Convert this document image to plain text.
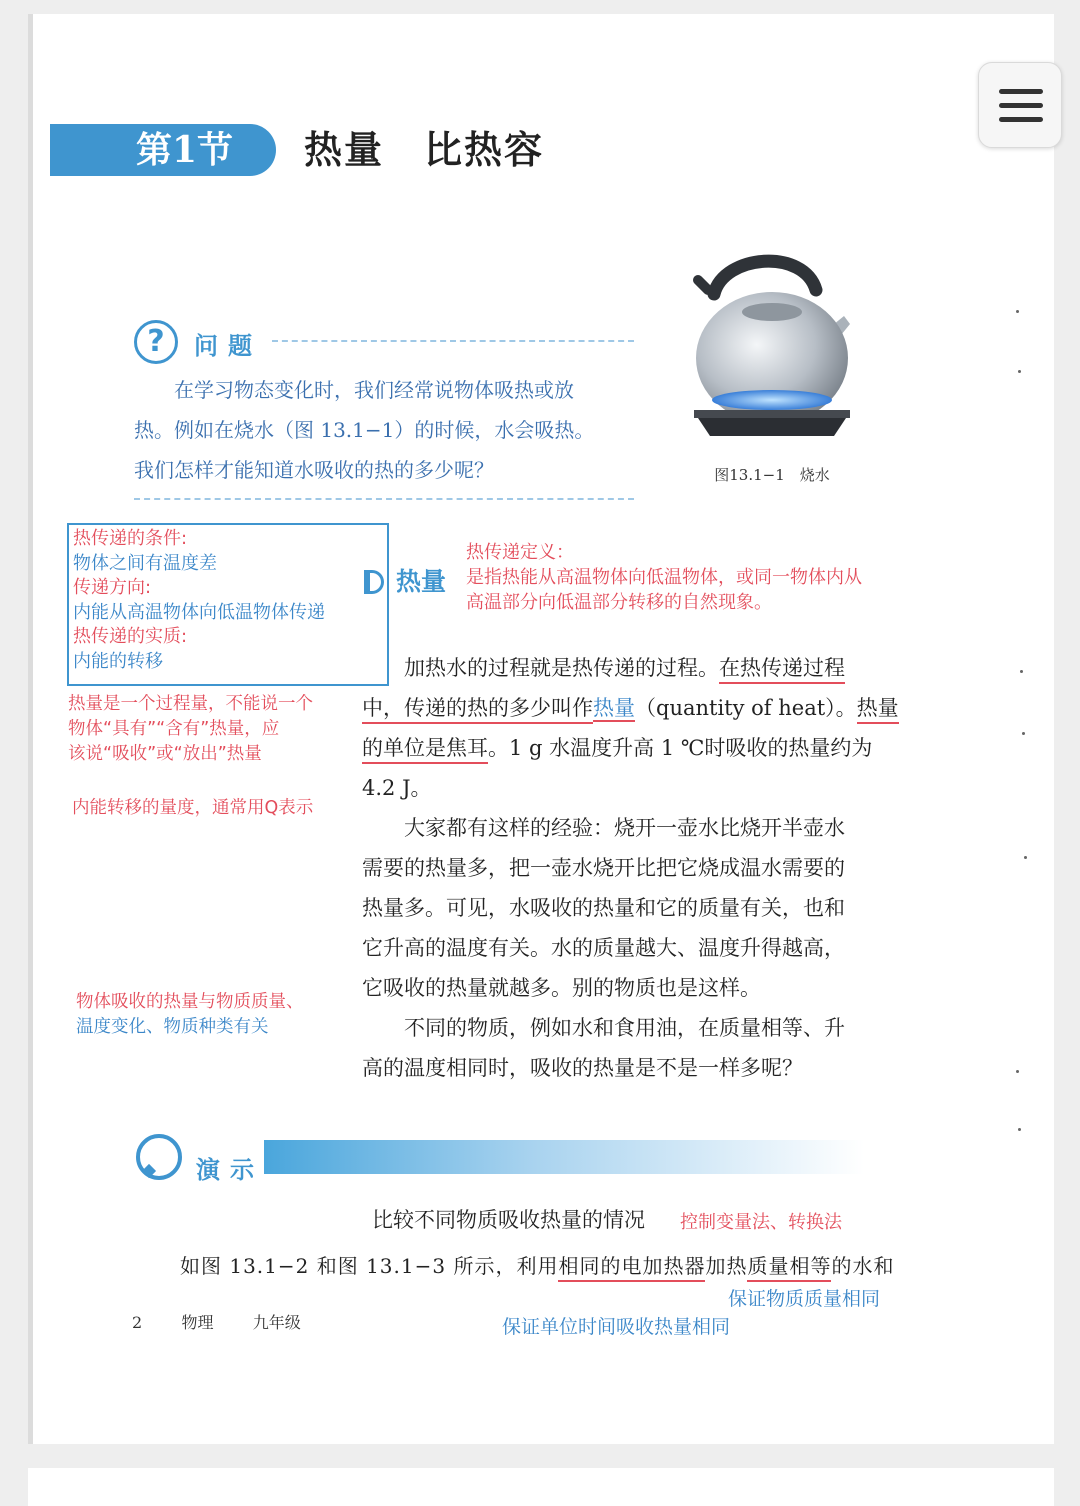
第1节	热量　比热容
?	问题
在学习物态变化时，我们经常说物体吸热或放
热。例如在烧水（图 13.1−1）的时候，水会吸热。
我们怎样才能知道水吸收的热的多少呢？	图13.1−1　烧水
热传递的条件:
物体之间有温度差
传递方向:
内能从高温物体向低温物体传递
热传递的实质:
内能的转移
热量
热传递定义：
是指热能从高温物体向低温物体，或同一物体内从
高温部分向低温部分转移的自然现象。
热量是一个过程量，不能说一个
物体“具有”“含有”热量，应
该说“吸收”或“放出”热量
内能转移的量度，通常用Q表示
物体吸收的热量与物质质量、
温度变化、物质种类有关
加热水的过程就是热传递的过程。在热传递过程
中，传递的热的多少叫作热量（quantity of heat）。热量
的单位是焦耳。1 g 水温度升高 1 ℃时吸收的热量约为
4.2 J。
大家都有这样的经验：烧开一壶水比烧开半壶水
需要的热量多，把一壶水烧开比把它烧成温水需要的
热量多。可见，水吸收的热量和它的质量有关，也和
它升高的温度有关。水的质量越大、温度升得越高，
它吸收的热量就越多。别的物质也是这样。
不同的物质，例如水和食用油，在质量相等、升
高的温度相同时，吸收的热量是不是一样多呢？
演示
比较不同物质吸收热量的情况 控制变量法、转换法
如图 13.1−2 和图 13.1−3 所示，利用相同的电加热器加热质量相等的水和
保证物质质量相同
保证单位时间吸收热量相同
2 物理 九年级
